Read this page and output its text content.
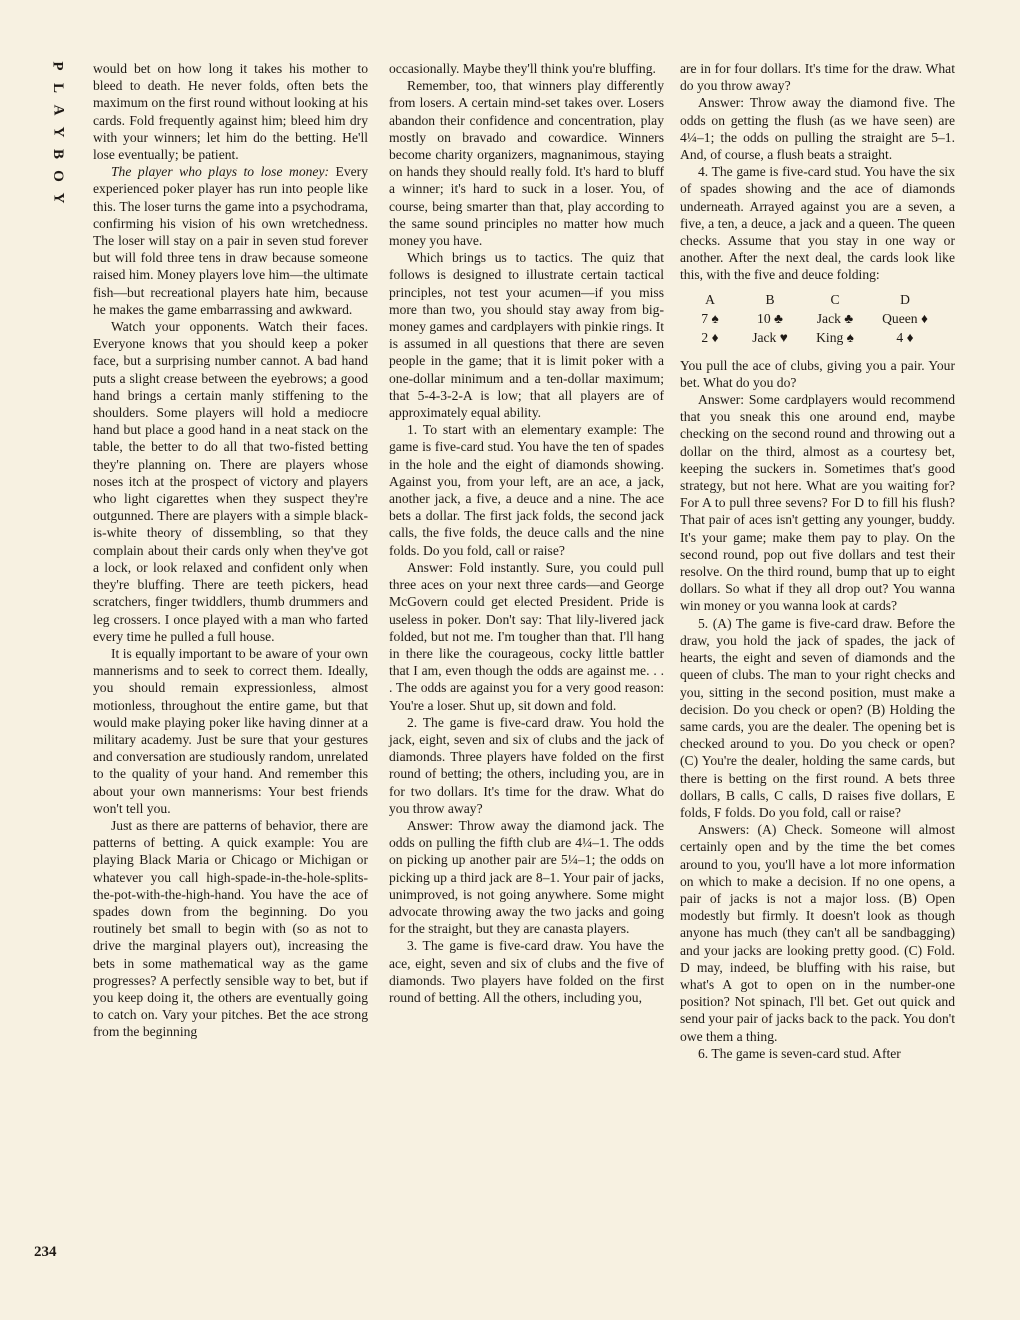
P
L
A
Y
B
O
Y
234

would bet on how long it takes his mother to bleed to death. He never folds, often bets the maximum on the first round without looking at his cards. Fold frequently against him; bleed him dry with your winners; let him do the betting. He'll lose eventually; be patient.

The player who plays to lose money: Every experienced poker player has run into people like this. The loser turns the game into a psychodrama, confirming his vision of his own wretchedness. The loser will stay on a pair in seven stud forever but will fold three tens in draw because someone raised him. Money players love him—the ultimate fish—but recreational players hate him, because he makes the game embarrassing and awkward.

Watch your opponents. Watch their faces. Everyone knows that you should keep a poker face, but a surprising number cannot. A bad hand puts a slight crease between the eyebrows; a good hand brings a certain manly stiffening to the shoulders. Some players will hold a mediocre hand but place a good hand in a neat stack on the table, the better to do all that two-fisted betting they're planning on. There are players whose noses itch at the prospect of victory and players who light cigarettes when they suspect they're outgunned. There are players with a simple black-is-white theory of dissembling, so that they complain about their cards only when they've got a lock, or look relaxed and confident only when they're bluffing. There are teeth pickers, head scratchers, finger twiddlers, thumb drummers and leg crossers. I once played with a man who farted every time he pulled a full house.

It is equally important to be aware of your own mannerisms and to seek to correct them. Ideally, you should remain expressionless, almost motionless, throughout the entire game, but that would make playing poker like having dinner at a military academy. Just be sure that your gestures and conversation are studiously random, unrelated to the quality of your hand. And remember this about your own mannerisms: Your best friends won't tell you.

Just as there are patterns of behavior, there are patterns of betting. A quick example: You are playing Black Maria or Chicago or Michigan or whatever you call high-spade-in-the-hole-splits-the-pot-with-the-high-hand. You have the ace of spades down from the beginning. Do you routinely bet small to begin with (so as not to drive the marginal players out), increasing the bets in some mathematical way as the game progresses? A perfectly sensible way to bet, but if you keep doing it, the others are eventually going to catch on. Vary your pitches. Bet the ace strong from the beginning

occasionally. Maybe they'll think you're bluffing.

Remember, too, that winners play differently from losers. A certain mind-set takes over. Losers abandon their confidence and concentration, play mostly on bravado and cowardice. Winners become charity organizers, magnanimous, staying on hands they should really fold. It's hard to bluff a winner; it's hard to suck in a loser. You, of course, being smarter than that, play according to the same sound principles no matter how much money you have.

Which brings us to tactics. The quiz that follows is designed to illustrate certain tactical principles, not test your acumen—if you miss more than two, you should stay away from big-money games and cardplayers with pinkie rings. It is assumed in all questions that there are seven people in the game; that it is limit poker with a one-dollar minimum and a ten-dollar maximum; that 5-4-3-2-A is low; that all players are of approximately equal ability.

1. To start with an elementary example: The game is five-card stud. You have the ten of spades in the hole and the eight of diamonds showing. Against you, from your left, are an ace, a jack, another jack, a five, a deuce and a nine. The ace bets a dollar. The first jack folds, the second jack calls, the five folds, the deuce calls and the nine folds. Do you fold, call or raise?

Answer: Fold instantly. Sure, you could pull three aces on your next three cards—and George McGovern could get elected President. Pride is useless in poker. Don't say: That lily-livered jack folded, but not me. I'm tougher than that. I'll hang in there like the courageous, cocky little battler that I am, even though the odds are against me. . . . The odds are against you for a very good reason: You're a loser. Shut up, sit down and fold.

2. The game is five-card draw. You hold the jack, eight, seven and six of clubs and the jack of diamonds. Three players have folded on the first round of betting; the others, including you, are in for two dollars. It's time for the draw. What do you throw away?

Answer: Throw away the diamond jack. The odds on pulling the fifth club are 4¼–1. The odds on picking up another pair are 5¼–1; the odds on picking up a third jack are 8–1. Your pair of jacks, unimproved, is not going anywhere. Some might advocate throwing away the two jacks and going for the straight, but they are canasta players.

3. The game is five-card draw. You have the ace, eight, seven and six of clubs and the five of diamonds. Two players have folded on the first round of betting. All the others, including you,

are in for four dollars. It's time for the draw. What do you throw away?

Answer: Throw away the diamond five. The odds on getting the flush (as we have seen) are 4¼–1; the odds on pulling the straight are 5–1. And, of course, a flush beats a straight.

4. The game is five-card stud. You have the six of spades showing and the ace of diamonds underneath. Arrayed against you are a seven, a five, a ten, a deuce, a jack and a queen. The queen checks. Assume that you stay in one way or another. After the next deal, the cards look like this, with the five and deuce folding:

A	B	C	D
7 ♠	10 ♣	Jack ♣	Queen ♦
2 ♦	Jack ♥	King ♠	4 ♦

You pull the ace of clubs, giving you a pair. Your bet. What do you do?

Answer: Some cardplayers would recommend that you sneak this one around end, maybe checking on the second round and throwing out a dollar on the third, almost as a courtesy bet, keeping the suckers in. Sometimes that's good strategy, but not here. What are you waiting for? For A to pull three sevens? For D to fill his flush? That pair of aces isn't getting any younger, buddy. It's your game; make them pay to play. On the second round, pop out five dollars and test their resolve. On the third round, bump that up to eight dollars. So what if they all drop out? You wanna win money or you wanna look at cards?

5. (A) The game is five-card draw. Before the draw, you hold the jack of spades, the jack of hearts, the eight and seven of diamonds and the queen of clubs. The man to your right checks and you, sitting in the second position, must make a decision. Do you check or open? (B) Holding the same cards, you are the dealer. The opening bet is checked around to you. Do you check or open? (C) You're the dealer, holding the same cards, but there is betting on the first round. A bets three dollars, B calls, C calls, D raises five dollars, E folds, F folds. Do you fold, call or raise?

Answers: (A) Check. Someone will almost certainly open and by the time the bet comes around to you, you'll have a lot more information on which to make a decision. If no one opens, a pair of jacks is not a major loss. (B) Open modestly but firmly. It doesn't look as though anyone has much (they can't all be sandbagging) and your jacks are looking pretty good. (C) Fold. D may, indeed, be bluffing with his raise, but what's A got to open on in the number-one position? Not spinach, I'll bet. Get out quick and send your pair of jacks back to the pack. You don't owe them a thing.

6. The game is seven-card stud. After
